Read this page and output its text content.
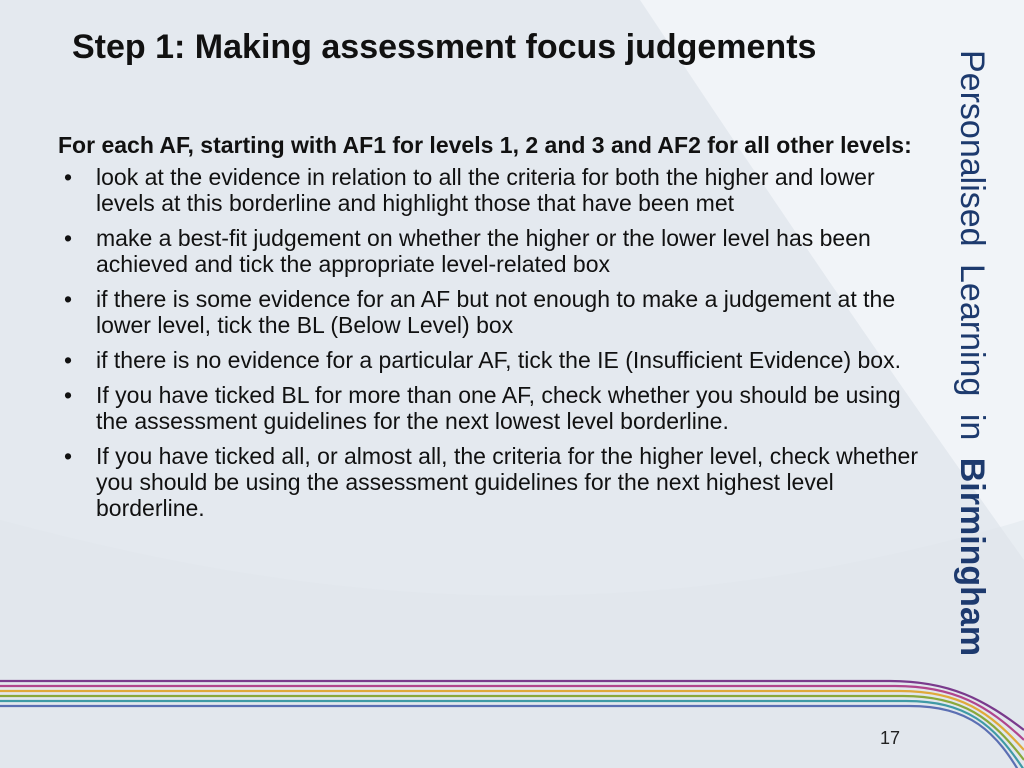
Step 1: Making assessment focus judgements

For each AF, starting with AF1 for levels 1, 2 and 3 and AF2 for all other levels:

• look at the evidence in relation to all the criteria for both the higher and lower levels at this borderline and highlight those that have been met
• make a best-fit judgement on whether the higher or the lower level has been achieved and tick the appropriate level-related box
• if there is some evidence for an AF but not enough to make a judgement at the lower level, tick the BL (Below Level) box
• if there is no evidence for a particular AF, tick the IE (Insufficient Evidence) box.
• If you have ticked BL for more than one AF, check whether you should be using the assessment guidelines for the next lowest level borderline.
• If you have ticked all, or almost all, the criteria for the higher level, check whether you should be using the assessment guidelines for the next highest level borderline.
Personalised Learning in Birmingham
17
